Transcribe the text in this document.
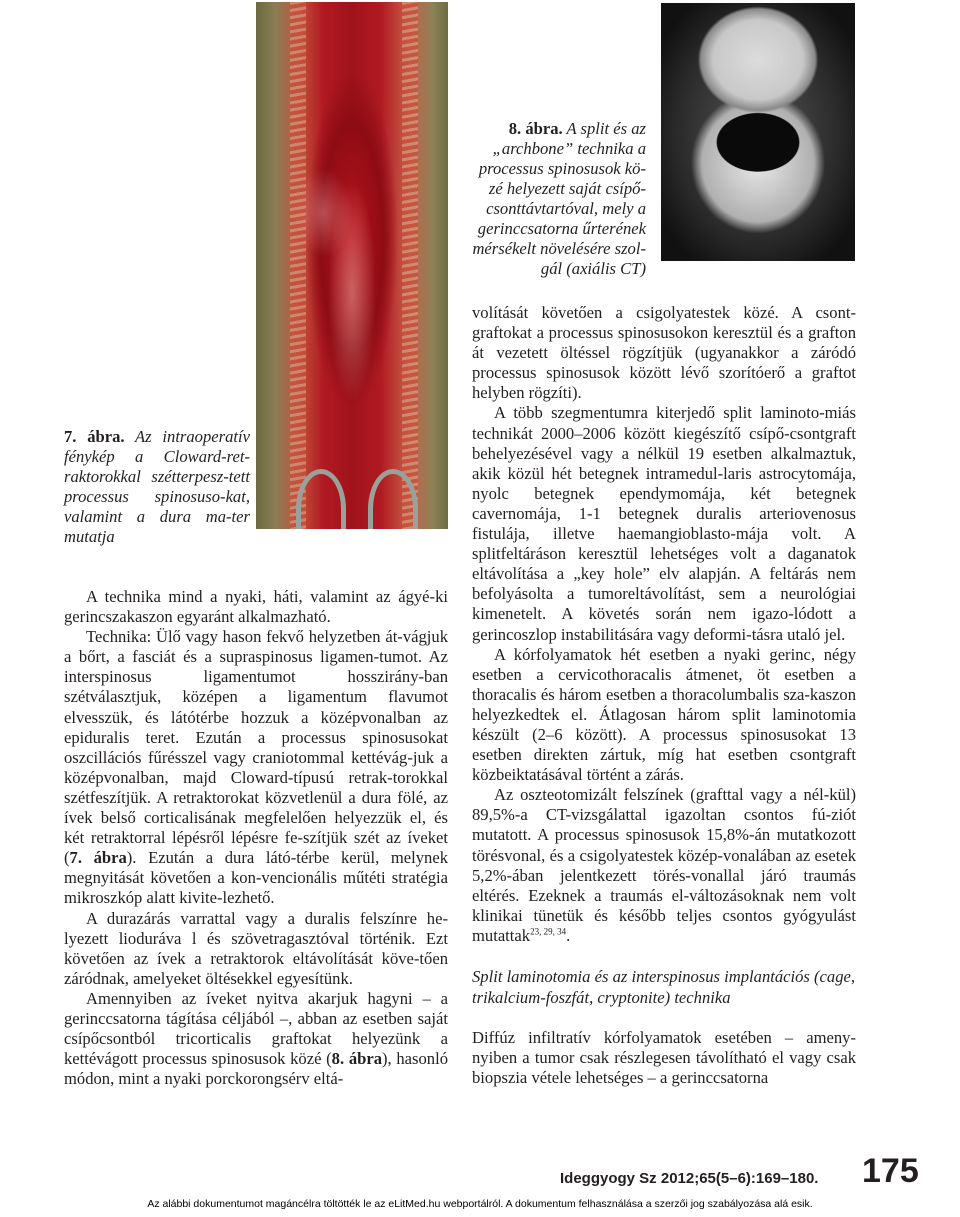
7. ábra. Az intraoperatív fénykép a Cloward-ret-raktorokkal szétterpesz-tett processus spinosuso-kat, valamint a dura ma-ter mutatja
8. ábra. A split és az „archbone” technika a processus spinosusok kö-zé helyezett saját csípő-csonttávtartóval, mely a gerinccsatorna űrterének mérsékelt növelésére szol-gál (axiális CT)

A technika mind a nyaki, háti, valamint az ágyé-ki gerincszakaszon egyaránt alkalmazható.

Technika: Ülő vagy hason fekvő helyzetben át-vágjuk a bőrt, a fasciát és a supraspinosus ligamen-tumot. Az interspinosus ligamentumot hosszirány-ban szétválasztjuk, középen a ligamentum flavumot elvesszük, és látótérbe hozzuk a középvonalban az epiduralis teret. Ezután a processus spinosusokat oszcillációs fűrésszel vagy craniotommal kettévág-juk a középvonalban, majd Cloward-típusú retrak-torokkal szétfeszítjük. A retraktorokat közvetlenül a dura fölé, az ívek belső corticalisának megfelelően helyezzük el, és két retraktorral lépésről lépésre fe-szítjük szét az íveket (7. ábra). Ezután a dura látó-térbe kerül, melynek megnyitását követően a kon-vencionális műtéti stratégia mikroszkóp alatt kivite-lezhető.

A durazárás varrattal vagy a duralis felszínre he-lyezett lioduráva l és szövetragasztóval történik. Ezt követően az ívek a retraktorok eltávolítását köve-tően záródnak, amelyeket öltésekkel egyesítünk.

Amennyiben az íveket nyitva akarjuk hagyni – a gerinccsatorna tágítása céljából –, abban az esetben saját csípőcsontból tricorticalis graftokat helyezünk a kettévágott processus spinosusok közé (8. ábra), hasonló módon, mint a nyaki porckorongsérv eltá-

volítását követően a csigolyatestek közé. A csont-graftokat a processus spinosusokon keresztül és a grafton át vezetett öltéssel rögzítjük (ugyanakkor a záródó processus spinosusok között lévő szorítóerő a graftot helyben rögzíti).

A több szegmentumra kiterjedő split laminoto-miás technikát 2000–2006 között kiegészítő csípő-csontgraft behelyezésével vagy a nélkül 19 esetben alkalmaztuk, akik közül hét betegnek intramedul-laris astrocytomája, nyolc betegnek ependymomája, két betegnek cavernomája, 1-1 betegnek duralis arteriovenosus fistulája, illetve haemangioblasto-mája volt. A splitfeltáráson keresztül lehetséges volt a daganatok eltávolítása a „key hole” elv alapján. A feltárás nem befolyásolta a tumoreltávolítást, sem a neurológiai kimenetelt. A követés során nem igazo-lódott a gerincoszlop instabilitására vagy deformi-tásra utaló jel.

A kórfolyamatok hét esetben a nyaki gerinc, négy esetben a cervicothoracalis átmenet, öt esetben a thoracalis és három esetben a thoracolumbalis sza-kaszon helyezkedtek el. Átlagosan három split laminotomia készült (2–6 között). A processus spinosusokat 13 esetben direkten zártuk, míg hat esetben csontgraft közbeiktatásával történt a zárás.

Az oszteotomizált felszínek (grafttal vagy a nél-kül) 89,5%-a CT-vizsgálattal igazoltan csontos fú-ziót mutatott. A processus spinosusok 15,8%-án mutatkozott törésvonal, és a csigolyatestek közép-vonalában az esetek 5,2%-ában jelentkezett törés-vonallal járó traumás eltérés. Ezeknek a traumás el-változásoknak nem volt klinikai tünetük és később teljes csontos gyógyulást mutattak$^{23, 29, 34}$.

Split laminotomia és az interspinosus implantációs (cage, trikalcium-foszfát, cryptonite) technika

Diffúz infiltratív kórfolyamatok esetében – ameny-nyiben a tumor csak részlegesen távolítható el vagy csak biopszia vétele lehetséges – a gerinccsatorna

Ideggyogy Sz 2012;65(5–6):169–180. 175
Az alábbi dokumentumot magáncélra töltötték le az eLitMed.hu webportálról. A dokumentum felhasználása a szerzői jog szabályozása alá esik.
